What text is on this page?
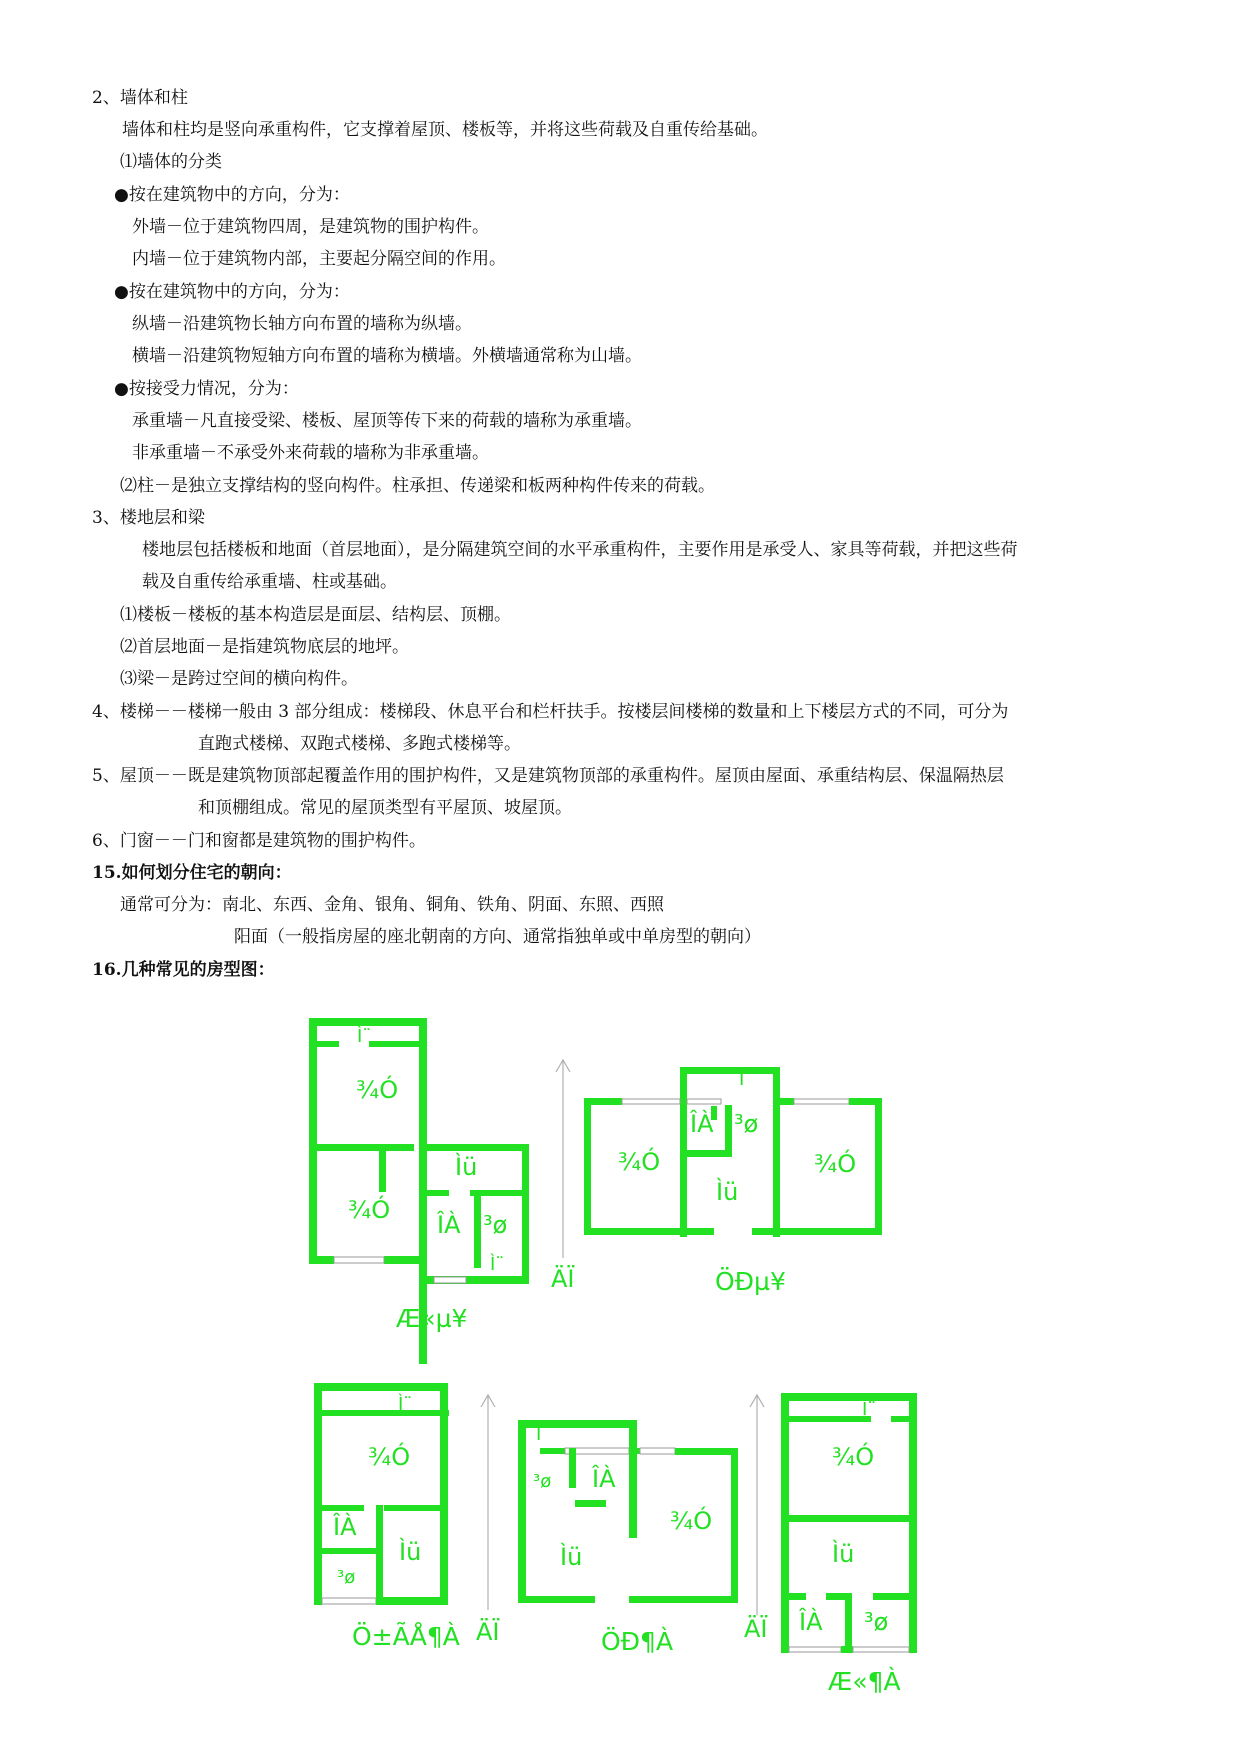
2、墙体和柱
墙体和柱均是竖向承重构件，它支撑着屋顶、楼板等，并将这些荷载及自重传给基础。
⑴墙体的分类
●按在建筑物中的方向，分为：
外墙－位于建筑物四周，是建筑物的围护构件。
内墙－位于建筑物内部，主要起分隔空间的作用。
●按在建筑物中的方向，分为：
纵墙－沿建筑物长轴方向布置的墙称为纵墙。
横墙－沿建筑物短轴方向布置的墙称为横墙。外横墙通常称为山墙。
●按接受力情况，分为：
承重墙－凡直接受梁、楼板、屋顶等传下来的荷载的墙称为承重墙。
非承重墙－不承受外来荷载的墙称为非承重墙。
⑵柱－是独立支撑结构的竖向构件。柱承担、传递梁和板两种构件传来的荷载。
3、楼地层和梁
楼地层包括楼板和地面（首层地面），是分隔建筑空间的水平承重构件，主要作用是承受人、家具等荷载，并把这些荷
载及自重传给承重墙、柱或基础。
⑴楼板－楼板的基本构造层是面层、结构层、顶棚。
⑵首层地面－是指建筑物底层的地坪。
⑶梁－是跨过空间的横向构件。
4、楼梯－－楼梯一般由 3 部分组成：楼梯段、休息平台和栏杆扶手。按楼层间楼梯的数量和上下楼层方式的不同，可分为
直跑式楼梯、双跑式楼梯、多跑式楼梯等。
5、屋顶－－既是建筑物顶部起覆盖作用的围护构件，又是建筑物顶部的承重构件。屋顶由屋面、承重结构层、保温隔热层
和顶棚组成。常见的屋顶类型有平屋顶、坡屋顶。
6、门窗－－门和窗都是建筑物的围护构件。
15.如何划分住宅的朝向：
通常可分为：南北、东西、金角、银角、铜角、铁角、阴面、东照、西照
阳面（一般指房屋的座北朝南的方向、通常指独单或中单房型的朝向）
16.几种常见的房型图：
Ì¨
¾Ó
¾Ó
Ìü
ÎÀ ³ø
Ì¨
Æ«µ¥
ÄÏ
Ì¨
¾Ó	¾Ó
ÎÀ ³ø
Ìü
ÖÐµ¥
Ì¨
¾Ó
ÎÀ
Ìü
³ø
Ö±ÃÅ¶À ÄÏ
Ì¨
³ø ÎÀ
¾Ó
Ìü
ÖÐ¶À	ÄÏ
Ì¨
¾Ó
Ìü
ÎÀ ³ø
Æ«¶À
